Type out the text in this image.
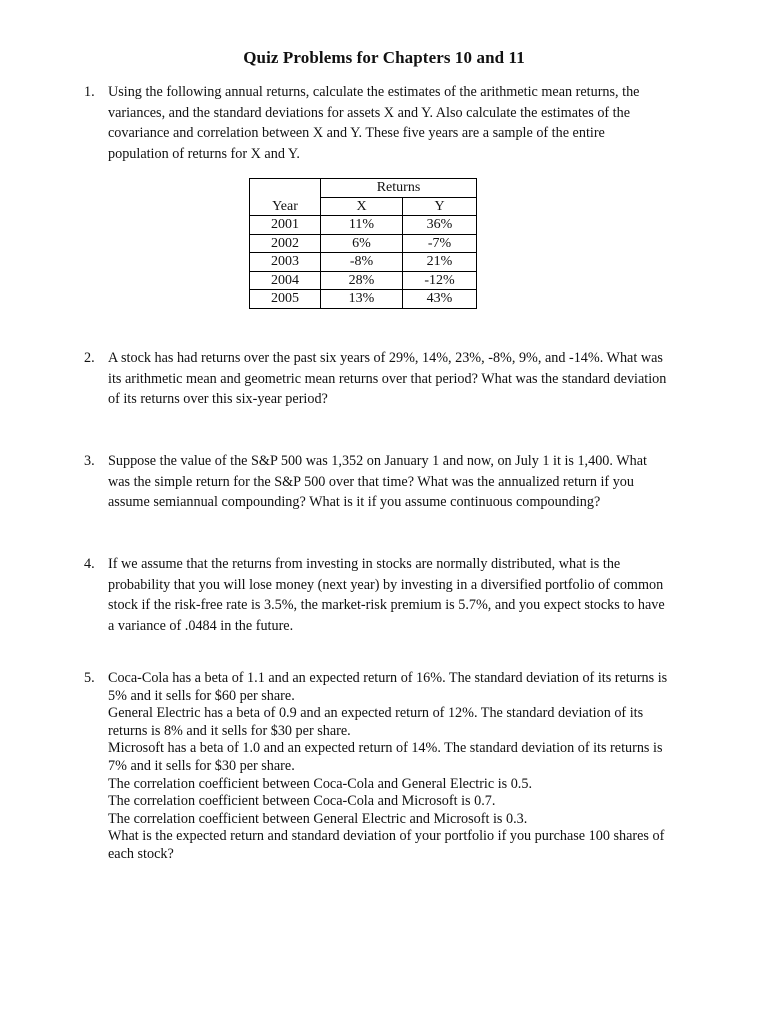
Quiz Problems for Chapters 10 and 11
1. Using the following annual returns, calculate the estimates of the arithmetic mean returns, the
variances, and the standard deviations for assets X and Y. Also calculate the estimates of the
covariance and correlation between X and Y. These five years are a sample of the entire
population of returns for X and Y.
	Returns	
Year	X	Y
2001	11%	36%
2002	6%	-7%
2003	-8%	21%
2004	28%	-12%
2005	13%	43%
2. A stock has had returns over the past six years of 29%, 14%, 23%, -8%, 9%, and -14%. What was
its arithmetic mean and geometric mean returns over that period? What was the standard deviation
of its returns over this six-year period?
3. Suppose the value of the S&P 500 was 1,352 on January 1 and now, on July 1 it is 1,400. What
was the simple return for the S&P 500 over that time? What was the annualized return if you
assume semiannual compounding? What is it if you assume continuous compounding?
4. If we assume that the returns from investing in stocks are normally distributed, what is the
probability that you will lose money (next year) by investing in a diversified portfolio of common
stock if the risk-free rate is 3.5%, the market-risk premium is 5.7%, and you expect stocks to have
a variance of .0484 in the future.
5. Coca-Cola has a beta of 1.1 and an expected return of 16%. The standard deviation of its returns is
5% and it sells for $60 per share.
General Electric has a beta of 0.9 and an expected return of 12%. The standard deviation of its
returns is 8% and it sells for $30 per share.
Microsoft has a beta of 1.0 and an expected return of 14%. The standard deviation of its returns is
7% and it sells for $30 per share.
The correlation coefficient between Coca-Cola and General Electric is 0.5.
The correlation coefficient between Coca-Cola and Microsoft is 0.7.
The correlation coefficient between General Electric and Microsoft is 0.3.
What is the expected return and standard deviation of your portfolio if you purchase 100 shares of
each stock?
